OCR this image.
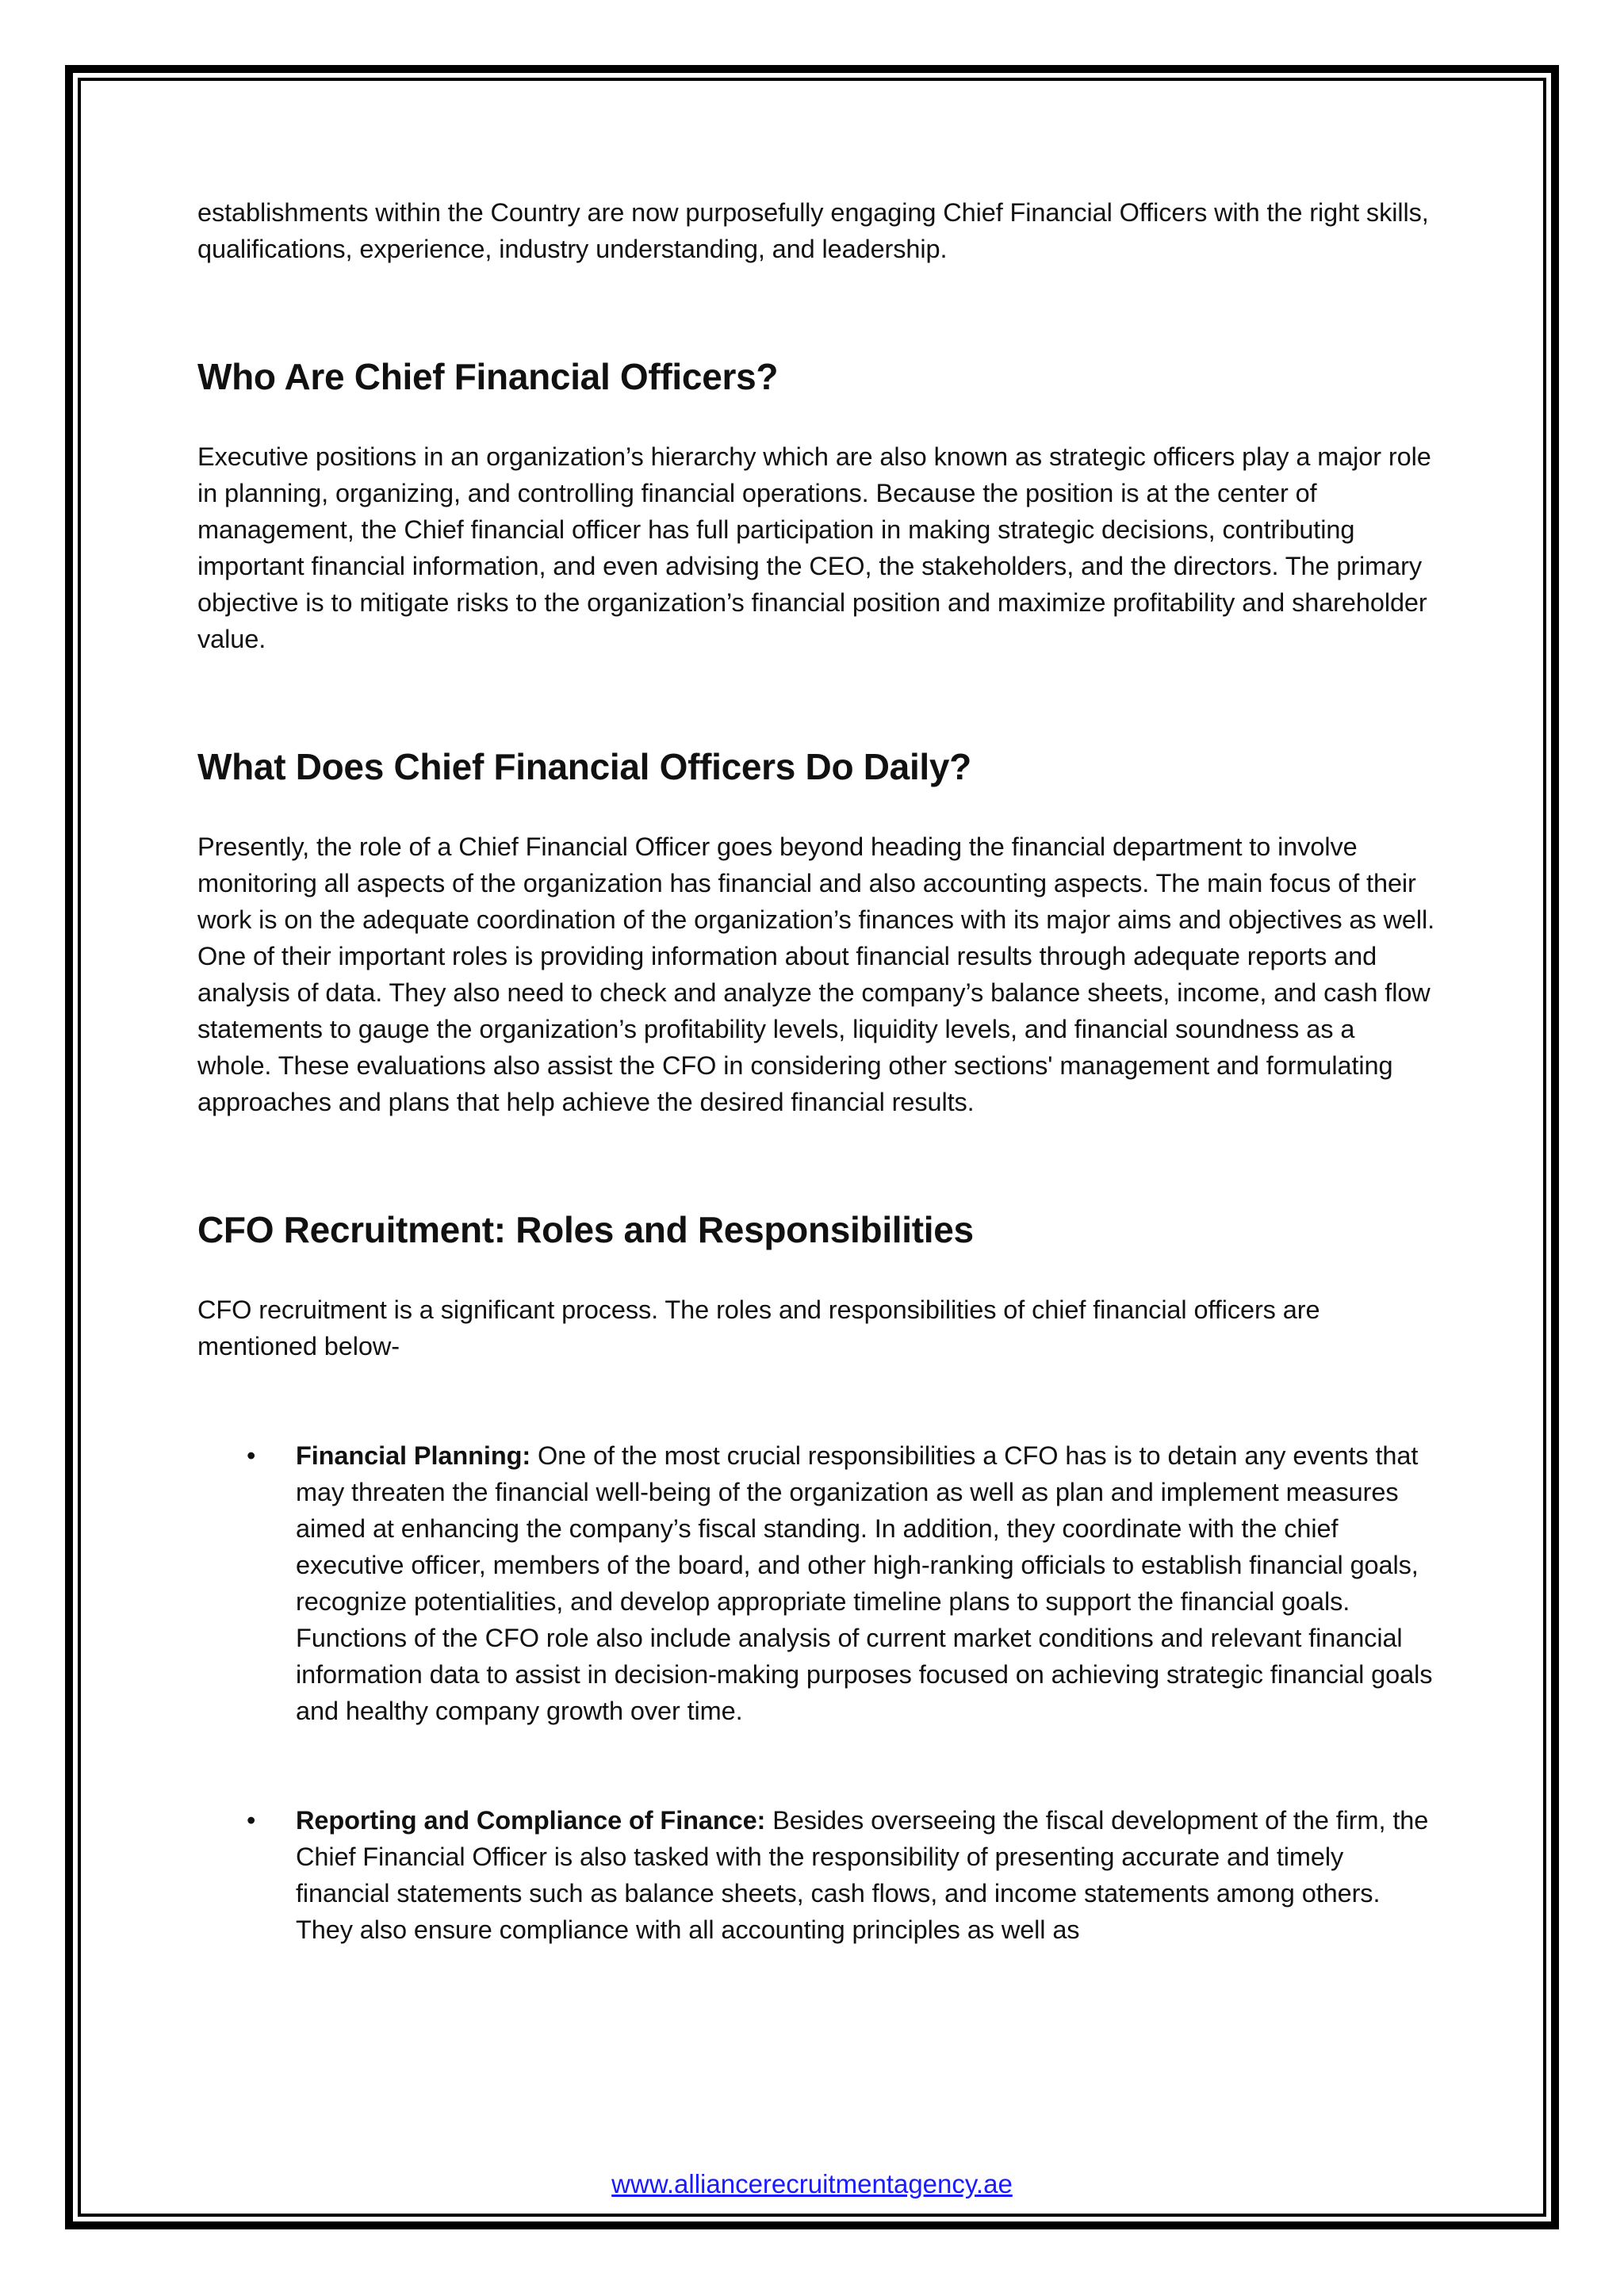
establishments within the Country are now purposefully engaging Chief Financial Officers with the right skills, qualifications, experience, industry understanding, and leadership.

Who Are Chief Financial Officers?

Executive positions in an organization’s hierarchy which are also known as strategic officers play a major role in planning, organizing, and controlling financial operations. Because the position is at the center of management, the Chief financial officer has full participation in making strategic decisions, contributing important financial information, and even advising the CEO, the stakeholders, and the directors. The primary objective is to mitigate risks to the organization’s financial position and maximize profitability and shareholder value.

What Does Chief Financial Officers Do Daily?

Presently, the role of a Chief Financial Officer goes beyond heading the financial department to involve monitoring all aspects of the organization has financial and also accounting aspects. The main focus of their work is on the adequate coordination of the organization’s finances with its major aims and objectives as well. One of their important roles is providing information about financial results through adequate reports and analysis of data. They also need to check and analyze the company’s balance sheets, income, and cash flow statements to gauge the organization’s profitability levels, liquidity levels, and financial soundness as a whole. These evaluations also assist the CFO in considering other sections' management and formulating approaches and plans that help achieve the desired financial results.

CFO Recruitment: Roles and Responsibilities

CFO recruitment is a significant process. The roles and responsibilities of chief financial officers are mentioned below-

• Financial Planning: One of the most crucial responsibilities a CFO has is to detain any events that may threaten the financial well-being of the organization as well as plan and implement measures aimed at enhancing the company’s fiscal standing. In addition, they coordinate with the chief executive officer, members of the board, and other high-ranking officials to establish financial goals, recognize potentialities, and develop appropriate timeline plans to support the financial goals. Functions of the CFO role also include analysis of current market conditions and relevant financial information data to assist in decision-making purposes focused on achieving strategic financial goals and healthy company growth over time.
• Reporting and Compliance of Finance: Besides overseeing the fiscal development of the firm, the Chief Financial Officer is also tasked with the responsibility of presenting accurate and timely financial statements such as balance sheets, cash flows, and income statements among others. They also ensure compliance with all accounting principles as well as
www.alliancerecruitmentagency.ae
